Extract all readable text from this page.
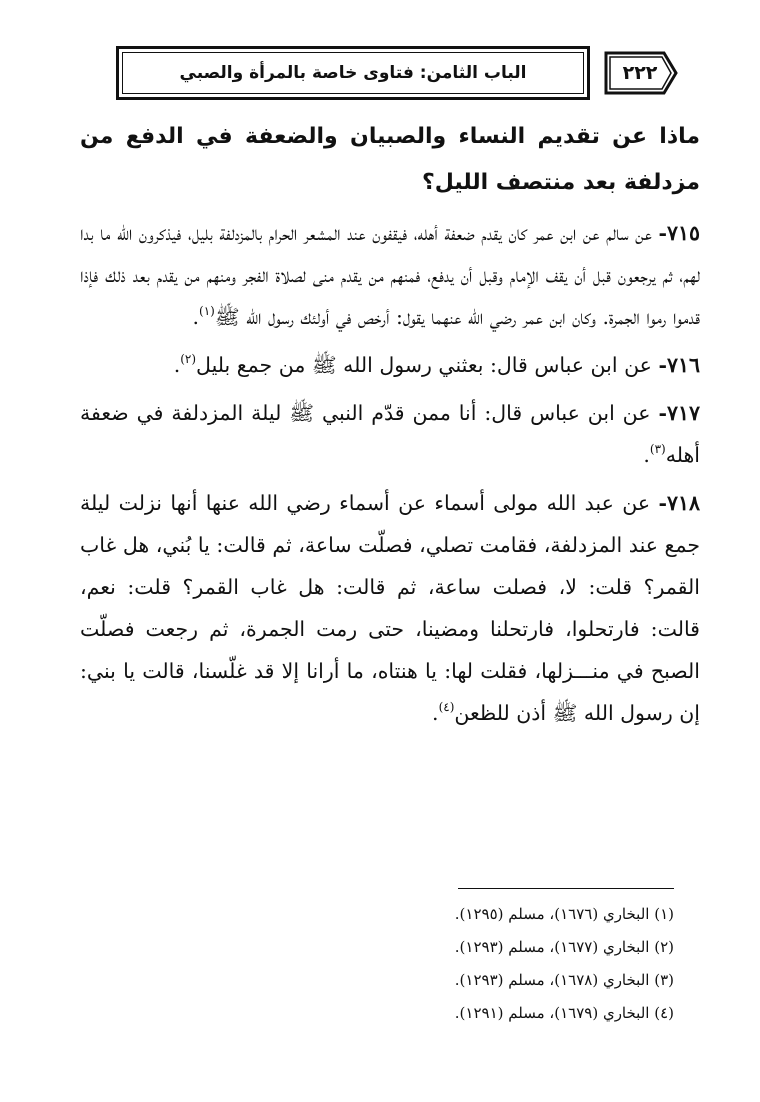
الباب الثامن: فتاوى خاصة بالمرأة والصبي	٢٢٢

ماذا عن تقديم النساء والصبيان والضعفة في الدفع من مزدلفة بعد منتصف الليل؟

٧١٥- عن سالم عن ابن عمر كان يقدم ضعفة أهله، فيقفون عند المشعر الحرام بالمزدلفة بليل، فيذكرون الله ما بدا لهم، ثم يرجعون قبل أن يقف الإمام وقبل أن يدفع، فمنهم من يقدم منى لصلاة الفجر ومنهم من يقدم بعد ذلك فإذا قدموا رموا الجمرة. وكان ابن عمر رضي الله عنهما يقول: أرخص في أولئك رسول الله ﷺ$^{(١)}$.

٧١٦- عن ابن عباس قال: بعثني رسول الله ﷺ من جمع بليل$^{(٢)}$.

٧١٧- عن ابن عباس قال: أنا ممن قدّم النبي ﷺ ليلة المزدلفة في ضعفة أهله$^{(٣)}$.

٧١٨- عن عبد الله مولى أسماء عن أسماء رضي الله عنها أنها نزلت ليلة جمع عند المزدلفة، فقامت تصلي، فصلّت ساعة، ثم قالت: يا بُني، هل غاب القمر؟ قلت: لا، فصلت ساعة، ثم قالت: هل غاب القمر؟ قلت: نعم، قالت: فارتحلوا، فارتحلنا ومضينا، حتى رمت الجمرة، ثم رجعت فصلّت الصبح في منـــزلها، فقلت لها: يا هنتاه، ما أرانا إلا قد غلّسنا، قالت يا بني: إن رسول الله ﷺ أذن للظعن$^{(٤)}$.

(١) البخاري (١٦٧٦)، مسلم (١٢٩٥).

(٢) البخاري (١٦٧٧)، مسلم (١٢٩٣).

(٣) البخاري (١٦٧٨)، مسلم (١٢٩٣).

(٤) البخاري (١٦٧٩)، مسلم (١٢٩١).
